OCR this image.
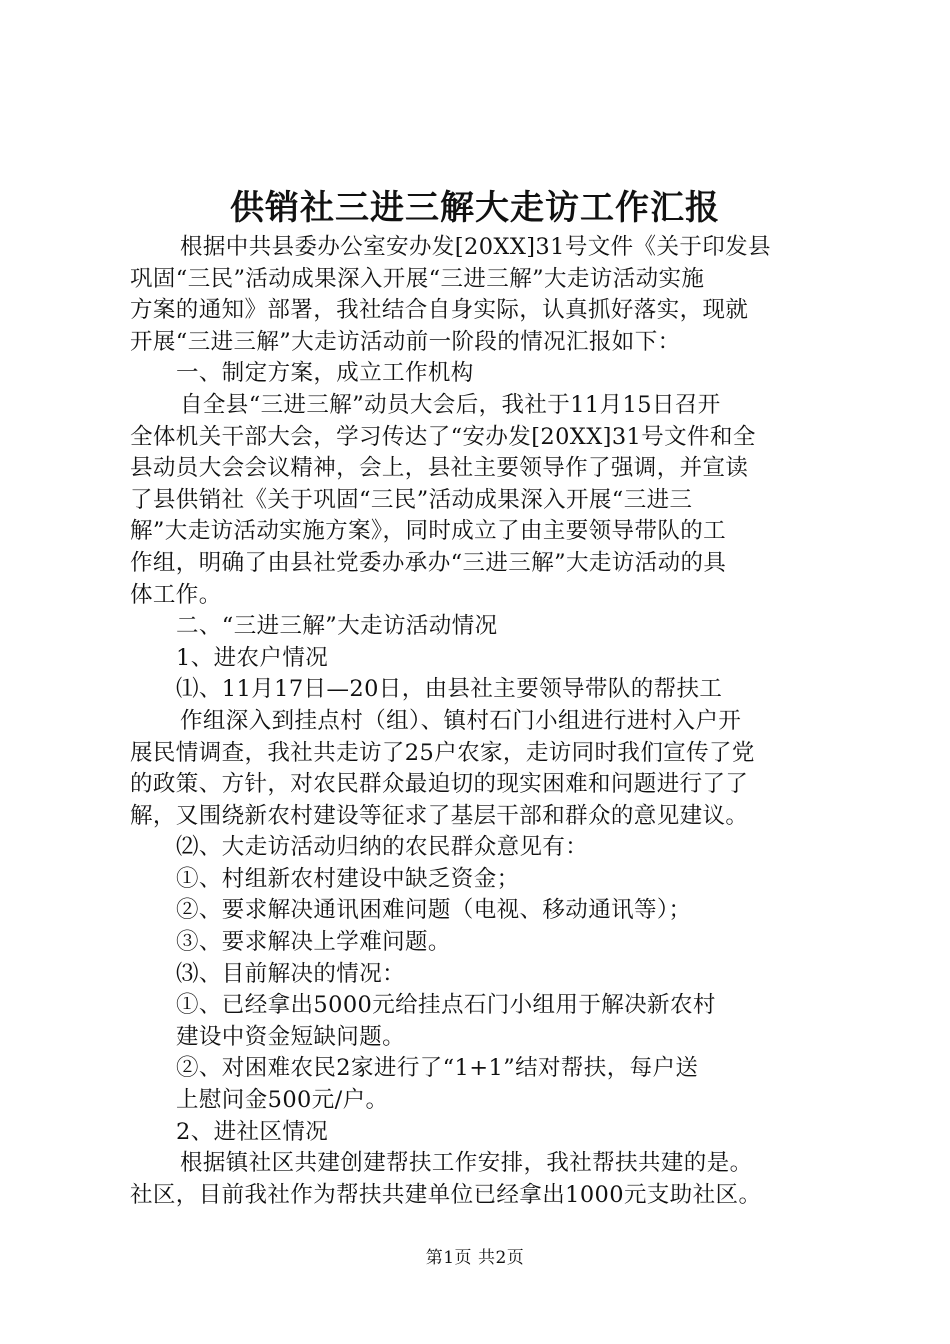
供销社三进三解大走访工作汇报

根据中共县委办公室安办发[20XX]31号文件《关于印发县

巩固“三民”活动成果深入开展“三进三解”大走访活动实施

方案的通知》部署，我社结合自身实际，认真抓好落实，现就

开展“三进三解”大走访活动前一阶段的情况汇报如下：

一、制定方案，成立工作机构

自全县“三进三解”动员大会后，我社于11月15日召开

全体机关干部大会，学习传达了“安办发[20XX]31号文件和全

县动员大会会议精神，会上，县社主要领导作了强调，并宣读

了县供销社《关于巩固“三民”活动成果深入开展“三进三

解”大走访活动实施方案》，同时成立了由主要领导带队的工

作组，明确了由县社党委办承办“三进三解”大走访活动的具

体工作。

二、“三进三解”大走访活动情况

1、进农户情况

⑴、11月17日—20日，由县社主要领导带队的帮扶工

作组深入到挂点村（组）、镇村石门小组进行进村入户开

展民情调查，我社共走访了25户农家，走访同时我们宣传了党

的政策、方针，对农民群众最迫切的现实困难和问题进行了了

解，又围绕新农村建设等征求了基层干部和群众的意见建议。

⑵、大走访活动归纳的农民群众意见有：

①、村组新农村建设中缺乏资金；

②、要求解决通讯困难问题（电视、移动通讯等）；

③、要求解决上学难问题。

⑶、目前解决的情况：

①、已经拿出5000元给挂点石门小组用于解决新农村

建设中资金短缺问题。

②、对困难农民2家进行了“1+1”结对帮扶，每户送

上慰问金500元/户。

2、进社区情况

根据镇社区共建创建帮扶工作安排，我社帮扶共建的是。

社区，目前我社作为帮扶共建单位已经拿出1000元支助社区。

第1页 共2页
